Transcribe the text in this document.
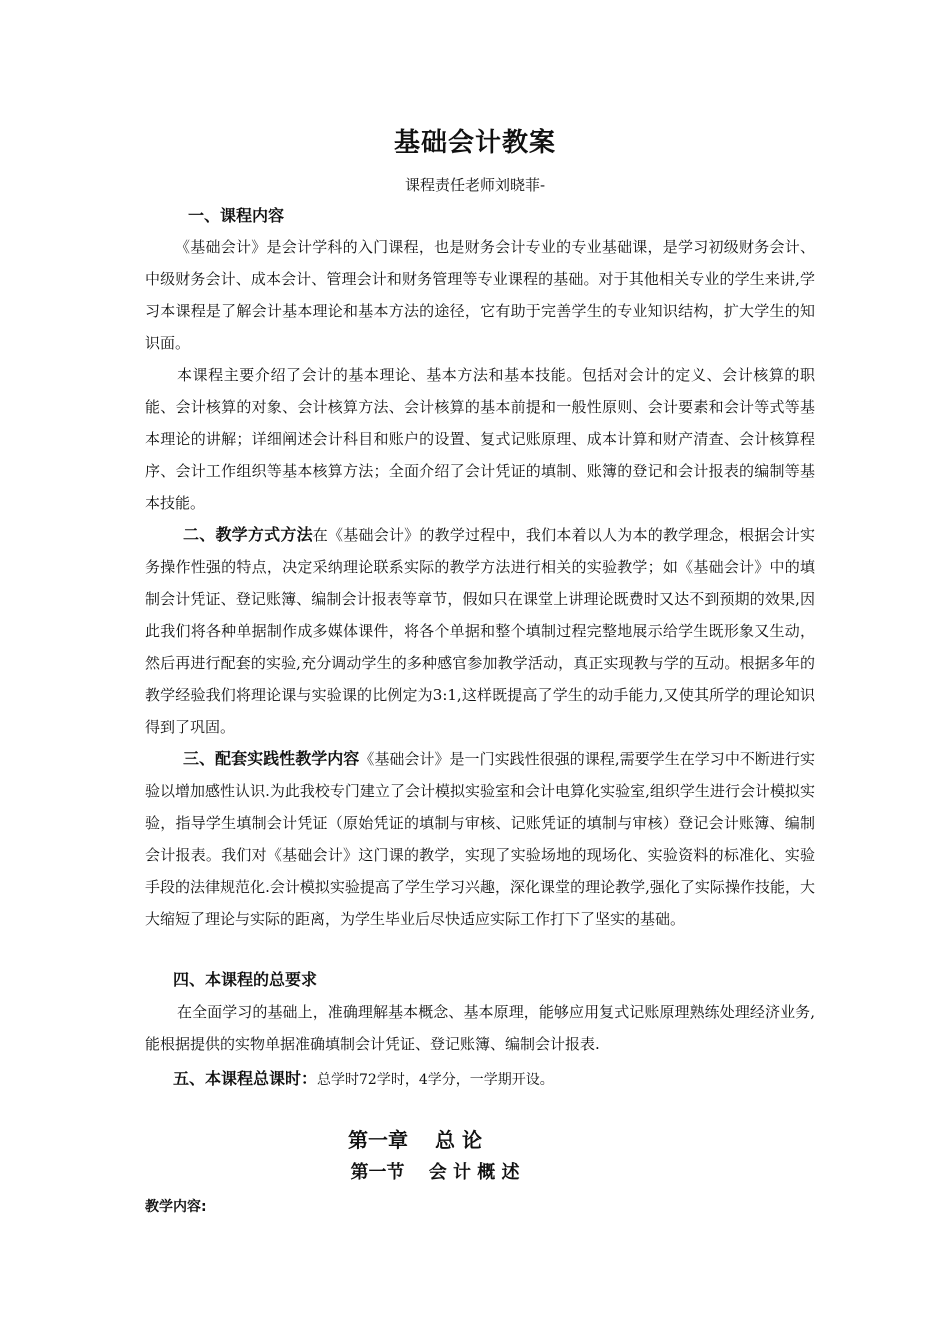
基础会计教案
课程责任老师刘晓菲-
一、课程内容
《基础会计》是会计学科的入门课程，也是财务会计专业的专业基础课，是学习初级财务会计、中级财务会计、成本会计、管理会计和财务管理等专业课程的基础。对于其他相关专业的学生来讲,学习本课程是了解会计基本理论和基本方法的途径，它有助于完善学生的专业知识结构，扩大学生的知识面。
本课程主要介绍了会计的基本理论、基本方法和基本技能。包括对会计的定义、会计核算的职能、会计核算的对象、会计核算方法、会计核算的基本前提和一般性原则、会计要素和会计等式等基本理论的讲解；详细阐述会计科目和账户的设置、复式记账原理、成本计算和财产清查、会计核算程序、会计工作组织等基本核算方法；全面介绍了会计凭证的填制、账簿的登记和会计报表的编制等基本技能。
二、教学方式方法在《基础会计》的教学过程中，我们本着以人为本的教学理念，根据会计实务操作性强的特点，决定采纳理论联系实际的教学方法进行相关的实验教学；如《基础会计》中的填制会计凭证、登记账簿、编制会计报表等章节，假如只在课堂上讲理论既费时又达不到预期的效果,因此我们将各种单据制作成多媒体课件，将各个单据和整个填制过程完整地展示给学生既形象又生动，然后再进行配套的实验,充分调动学生的多种感官参加教学活动，真正实现教与学的互动。根据多年的教学经验我们将理论课与实验课的比例定为3:1,这样既提高了学生的动手能力,又使其所学的理论知识得到了巩固。
三、配套实践性教学内容《基础会计》是一门实践性很强的课程,需要学生在学习中不断进行实验以增加感性认识.为此我校专门建立了会计模拟实验室和会计电算化实验室,组织学生进行会计模拟实验，指导学生填制会计凭证（原始凭证的填制与审核、记账凭证的填制与审核）登记会计账簿、编制会计报表。我们对《基础会计》这门课的教学，实现了实验场地的现场化、实验资料的标准化、实验手段的法律规范化.会计模拟实验提高了学生学习兴趣，深化课堂的理论教学,强化了实际操作技能，大大缩短了理论与实际的距离，为学生毕业后尽快适应实际工作打下了坚实的基础。
四、本课程的总要求
在全面学习的基础上，准确理解基本概念、基本原理，能够应用复式记账原理熟练处理经济业务,能根据提供的实物单据准确填制会计凭证、登记账簿、编制会计报表.
五、本课程总课时：总学时72学时，4学分，一学期开设。
第一章　 总 论
第一节　 会 计 概 述
教学内容:
